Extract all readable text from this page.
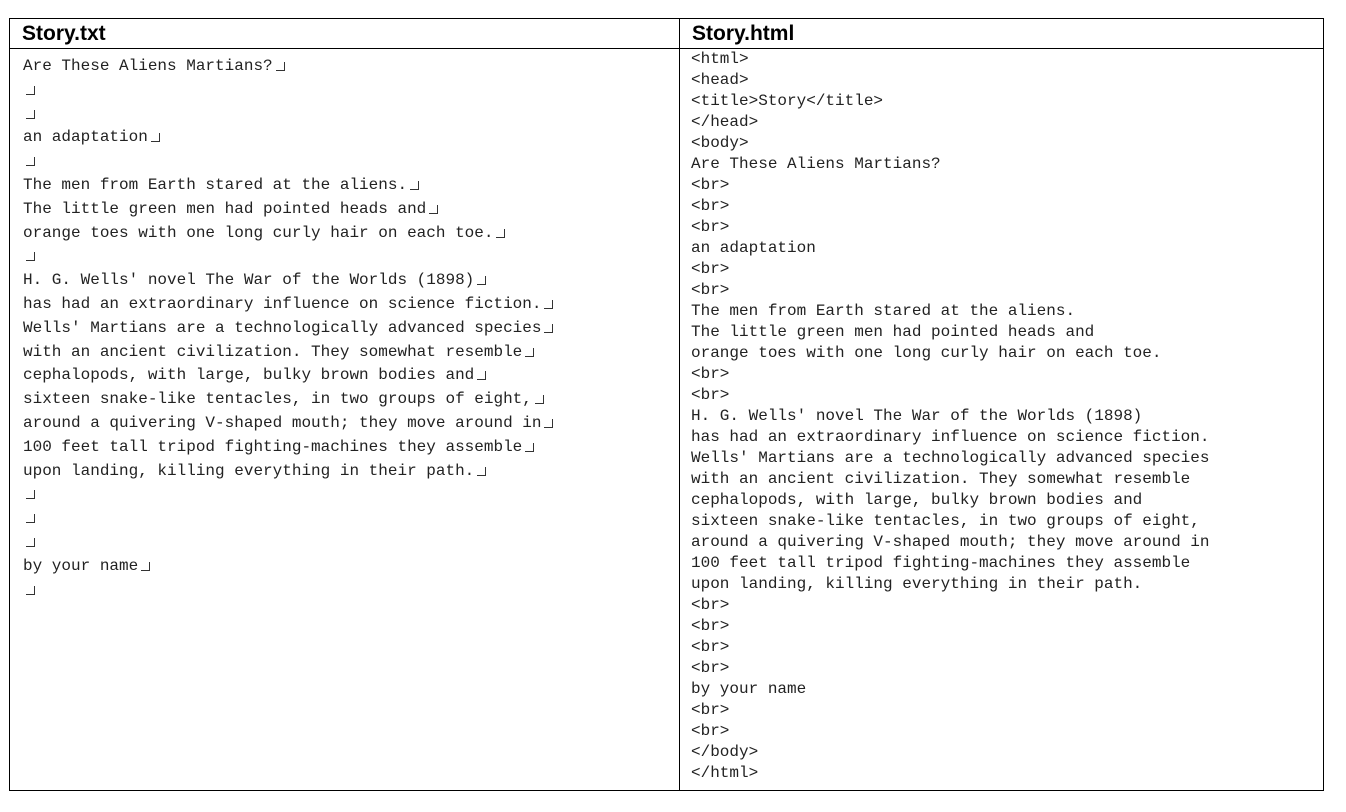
Story.txt	Story.html
Are These Aliens Martians?
an adaptation
The men from Earth stared at the aliens.
The little green men had pointed heads and
orange toes with one long curly hair on each toe.
H. G. Wells' novel The War of the Worlds (1898)
has had an extraordinary influence on science fiction.
Wells' Martians are a technologically advanced species
with an ancient civilization. They somewhat resemble
cephalopods, with large, bulky brown bodies and
sixteen snake-like tentacles, in two groups of eight,
around a quivering V-shaped mouth; they move around in
100 feet tall tripod fighting-machines they assemble
upon landing, killing everything in their path.
by your name
<html>
<head>
<title>Story</title>
</head>
<body>
Are These Aliens Martians?
<br>
<br>
<br>
an adaptation
<br>
<br>
The men from Earth stared at the aliens.
The little green men had pointed heads and
orange toes with one long curly hair on each toe.
<br>
<br>
H. G. Wells' novel The War of the Worlds (1898)
has had an extraordinary influence on science fiction.
Wells' Martians are a technologically advanced species
with an ancient civilization. They somewhat resemble
cephalopods, with large, bulky brown bodies and
sixteen snake-like tentacles, in two groups of eight,
around a quivering V-shaped mouth; they move around in
100 feet tall tripod fighting-machines they assemble
upon landing, killing everything in their path.
<br>
<br>
<br>
<br>
by your name
<br>
<br>
</body>
</html>
